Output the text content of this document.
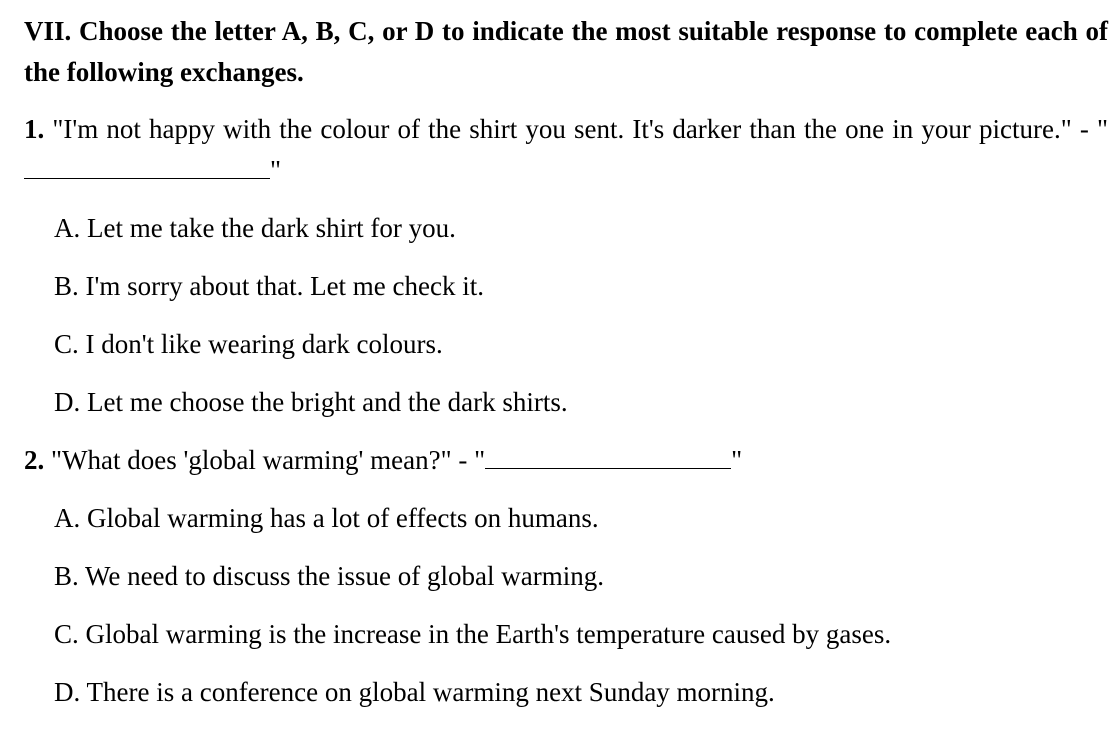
VII. Choose the letter A, B, C, or D to indicate the most suitable response to complete each of the following exchanges.

1. "I'm not happy with the colour of the shirt you sent. It's darker than the one in your picture." - ""

A. Let me take the dark shirt for you.
B. I'm sorry about that. Let me check it.
C. I don't like wearing dark colours.
D. Let me choose the bright and the dark shirts.

2. "What does 'global warming' mean?" - "	"

A. Global warming has a lot of effects on humans.
B. We need to discuss the issue of global warming.
C. Global warming is the increase in the Earth's temperature caused by gases.
D. There is a conference on global warming next Sunday morning.
